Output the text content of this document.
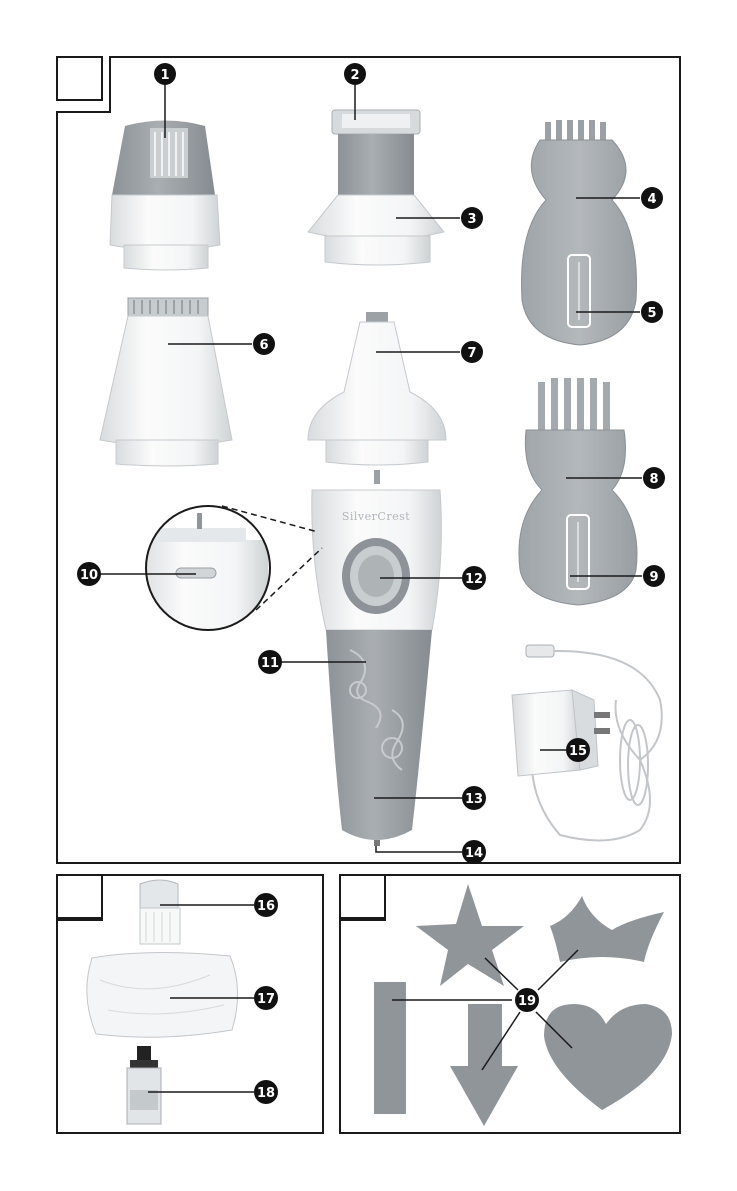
SilverCrest
1	2
3
4
5
6
7
8
9
10
11
12
13
14
15
16
17
18
19
